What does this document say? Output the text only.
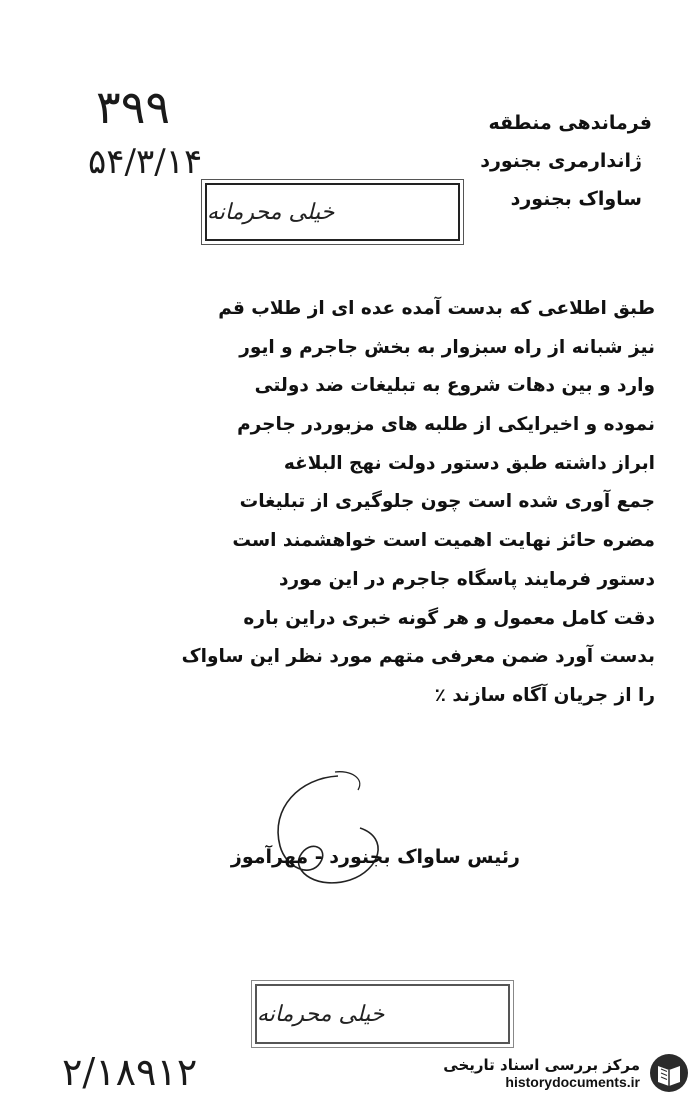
۳۹۹
۵۴/۳/۱۴
فرماندهی منطقه
ژاندارمری بجنورد
ساواک بجنورد
خیلی محرمانه
طبق اطلاعی که بدست آمده عده ای از طلاب قم
نیز شبانه از راه سبزوار به بخش جاجرم و ایور
وارد و بین دهات شروع به تبلیغات ضد دولتی
نموده و اخیرایکی از طلبه های مزبوردر جاجرم
ابراز داشته طبق دستور دولت نهج البلاغه
جمع آوری شده است چون جلوگیری از تبلیغات
مضره حائز نهایت اهمیت است خواهشمند است
دستور فرمایند پاسگاه جاجرم در این مورد
دقت کامل معمول و هر گونه خبری دراین باره
بدست آورد ضمن معرفی متهم مورد نظر این ساواک
را از جریان آگاه سازند ٪
رئیس ساواک بجنورد - مهرآموز
خیلی محرمانه
۲/۱۸۹۱۲	مرکز بررسی اسناد تاریخی
historydocuments.ir
